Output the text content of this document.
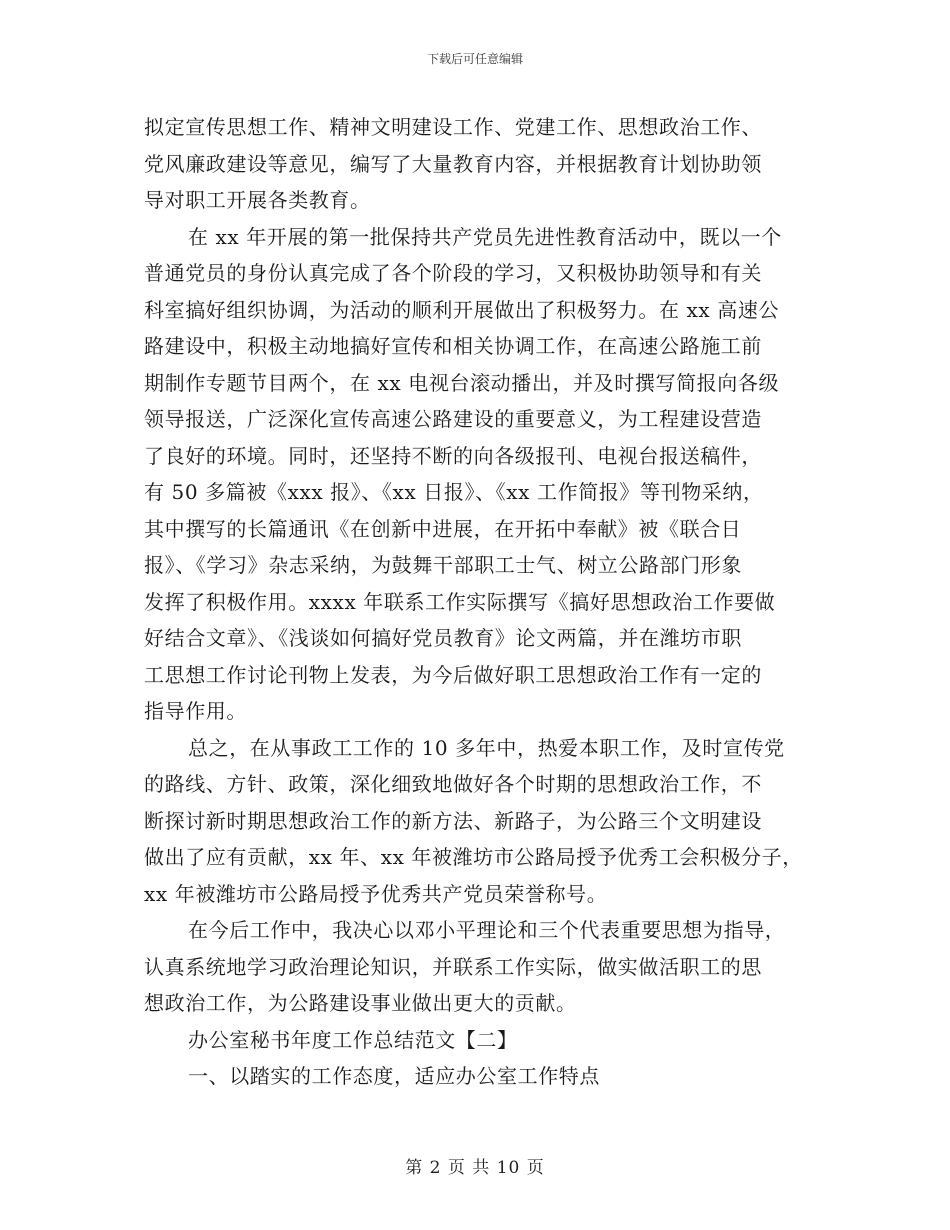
下载后可任意编辑
拟定宣传思想工作、精神文明建设工作、党建工作、思想政治工作、
党风廉政建设等意见，编写了大量教育内容，并根据教育计划协助领
导对职工开展各类教育。
在 xx 年开展的第一批保持共产党员先进性教育活动中，既以一个
普通党员的身份认真完成了各个阶段的学习，又积极协助领导和有关
科室搞好组织协调，为活动的顺利开展做出了积极努力。在 xx 高速公
路建设中，积极主动地搞好宣传和相关协调工作，在高速公路施工前
期制作专题节目两个，在 xx 电视台滚动播出，并及时撰写简报向各级
领导报送，广泛深化宣传高速公路建设的重要意义，为工程建设营造
了良好的环境。同时，还坚持不断的向各级报刊、电视台报送稿件，
有 50 多篇被《xxx 报》、《xx 日报》、《xx 工作简报》等刊物采纳，
其中撰写的长篇通讯《在创新中进展，在开拓中奉献》被《联合日
报》、《学习》杂志采纳，为鼓舞干部职工士气、树立公路部门形象
发挥了积极作用。xxxx 年联系工作实际撰写《搞好思想政治工作要做
好结合文章》、《浅谈如何搞好党员教育》论文两篇，并在潍坊市职
工思想工作讨论刊物上发表，为今后做好职工思想政治工作有一定的
指导作用。
总之，在从事政工工作的 10 多年中，热爱本职工作，及时宣传党
的路线、方针、政策，深化细致地做好各个时期的思想政治工作，不
断探讨新时期思想政治工作的新方法、新路子，为公路三个文明建设
做出了应有贡献，xx 年、xx 年被潍坊市公路局授予优秀工会积极分子，
xx 年被潍坊市公路局授予优秀共产党员荣誉称号。
在今后工作中，我决心以邓小平理论和三个代表重要思想为指导，
认真系统地学习政治理论知识，并联系工作实际，做实做活职工的思
想政治工作，为公路建设事业做出更大的贡献。
办公室秘书年度工作总结范文【二】
一、以踏实的工作态度，适应办公室工作特点
第 2 页 共 10 页
